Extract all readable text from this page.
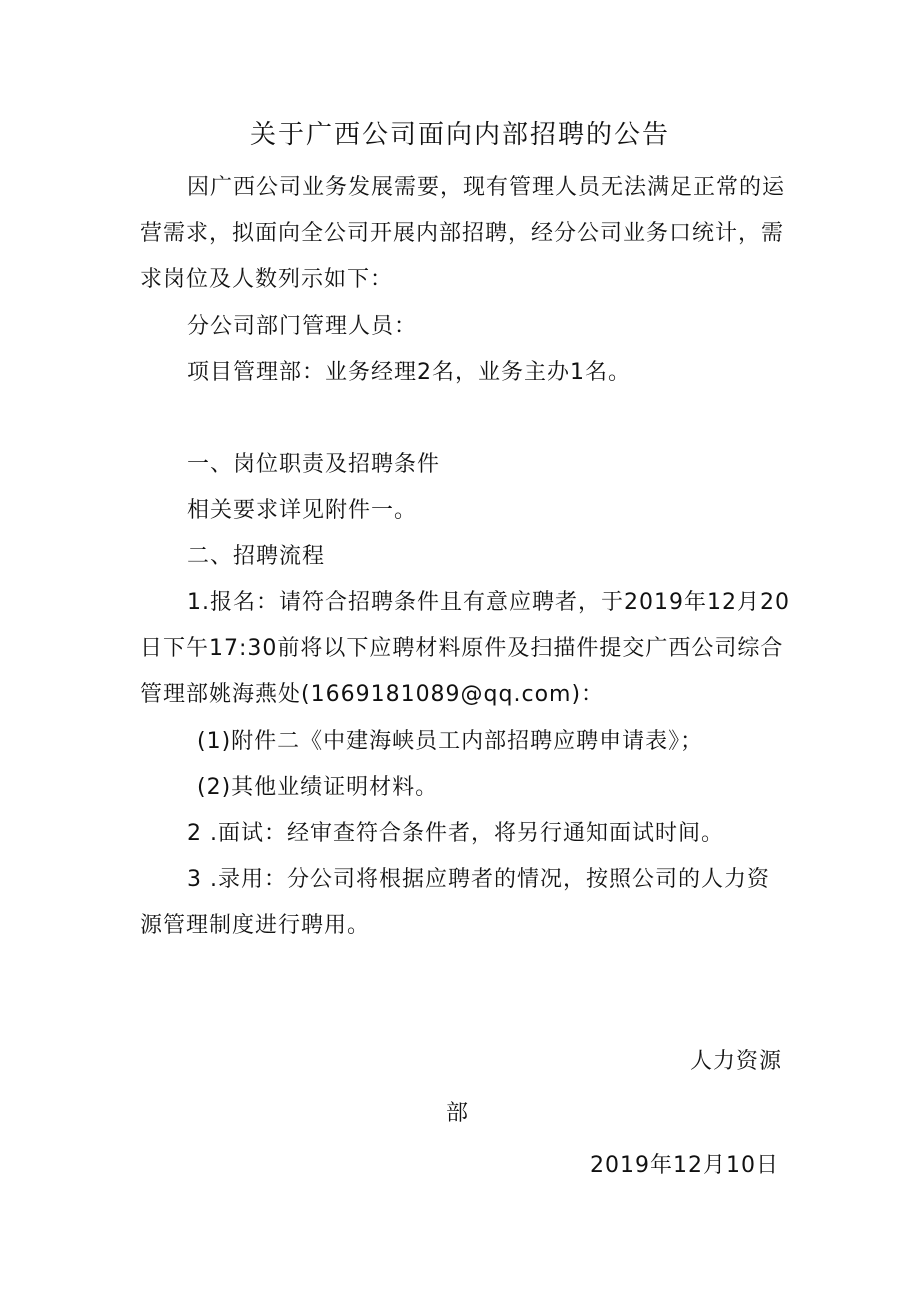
关于广西公司面向内部招聘的公告
因广西公司业务发展需要，现有管理人员无法满足正常的运
营需求，拟面向全公司开展内部招聘，经分公司业务口统计，需
求岗位及人数列示如下：
分公司部门管理人员：
项目管理部：业务经理2名，业务主办1名。
一、岗位职责及招聘条件
相关要求详见附件一。
二、招聘流程
1.报名：请符合招聘条件且有意应聘者，于2019年12月20
日下午17:30前将以下应聘材料原件及扫描件提交广西公司综合
管理部姚海燕处(1669181089@qq.com)：
(1)附件二《中建海峡员工内部招聘应聘申请表》；
(2)其他业绩证明材料。
2 .面试：经审查符合条件者，将另行通知面试时间。
3 .录用：分公司将根据应聘者的情况，按照公司的人力资
源管理制度进行聘用。
人力资源
部
2019年12月10日
